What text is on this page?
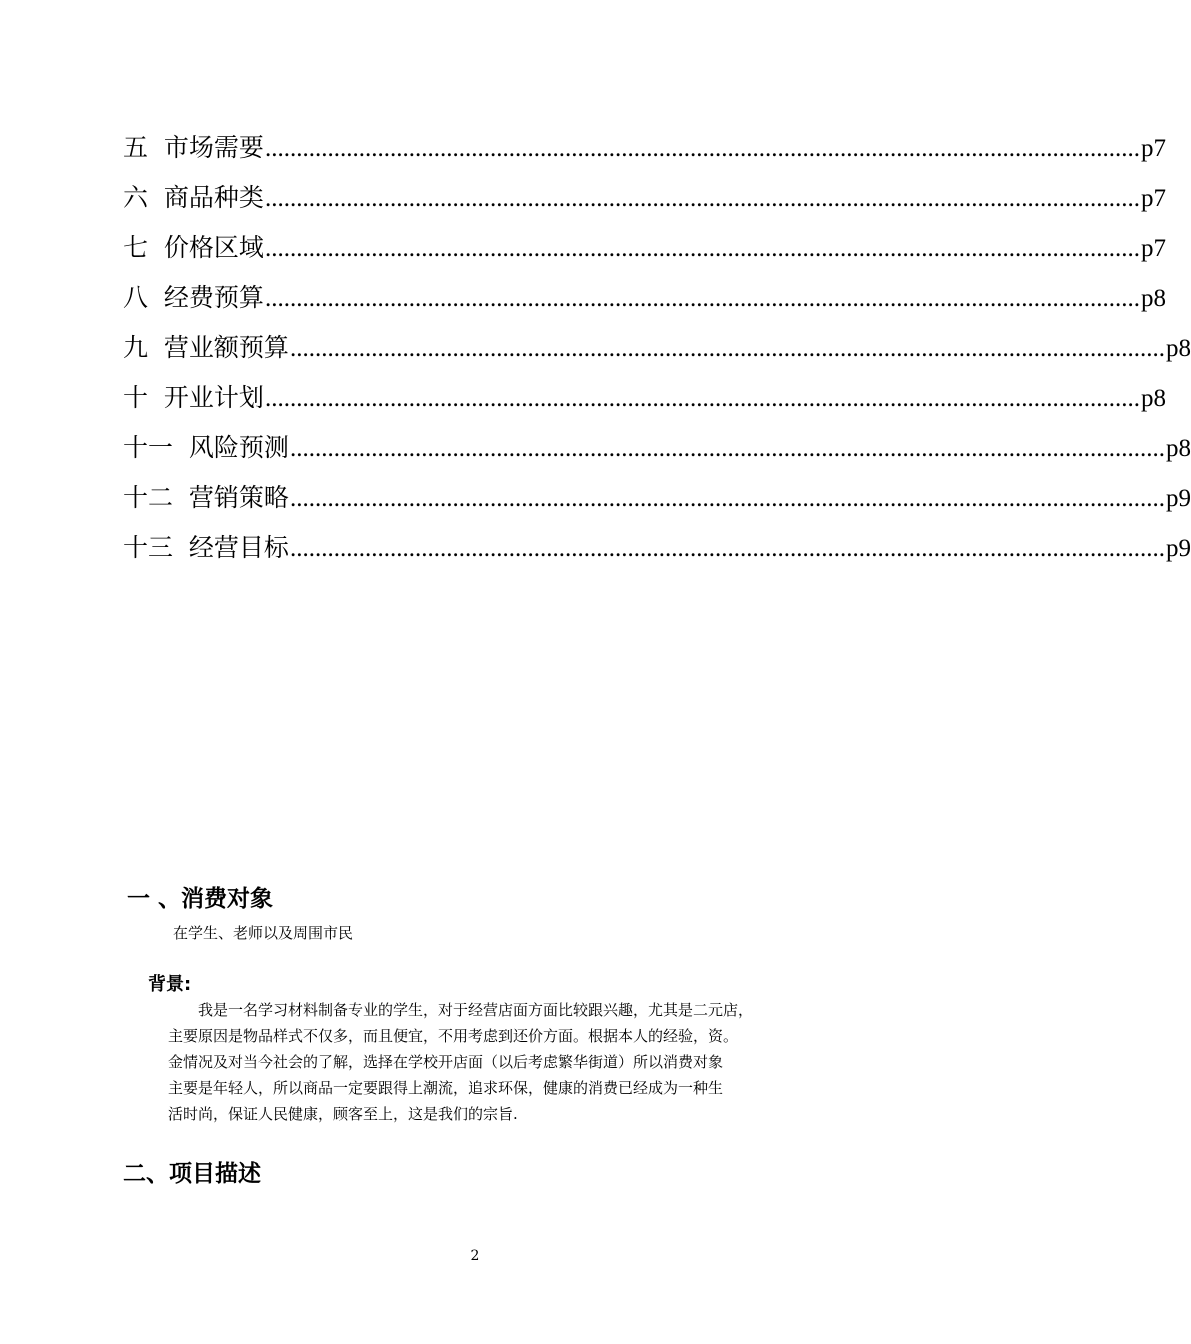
五 市场需要 ............................................................................................................................................ p7
六 商品种类 ............................................................................................................................................ p7
七 价格区域 ............................................................................................................................................ p7
八 经费预算 ............................................................................................................................................ p8
九 营业额预算 ............................................................................................................................................ p8
十 开业计划 ............................................................................................................................................ p8
十一 风险预测 ............................................................................................................................................ p8
十二 营销策略 ............................................................................................................................................ p9
十三 经营目标 ............................................................................................................................................ p9
一 、消费对象
在学生、老师以及周围市民
背景:
　　我是一名学习材料制备专业的学生，对于经营店面方面比较跟兴趣，尤其是二元店，
主要原因是物品样式不仅多，而且便宜，不用考虑到还价方面。根据本人的经验，资。
金情况及对当今社会的了解，选择在学校开店面（以后考虑繁华街道）所以消费对象
主要是年轻人，所以商品一定要跟得上潮流，追求环保，健康的消费已经成为一种生
活时尚，保证人民健康，顾客至上，这是我们的宗旨.
二、项目描述
2
